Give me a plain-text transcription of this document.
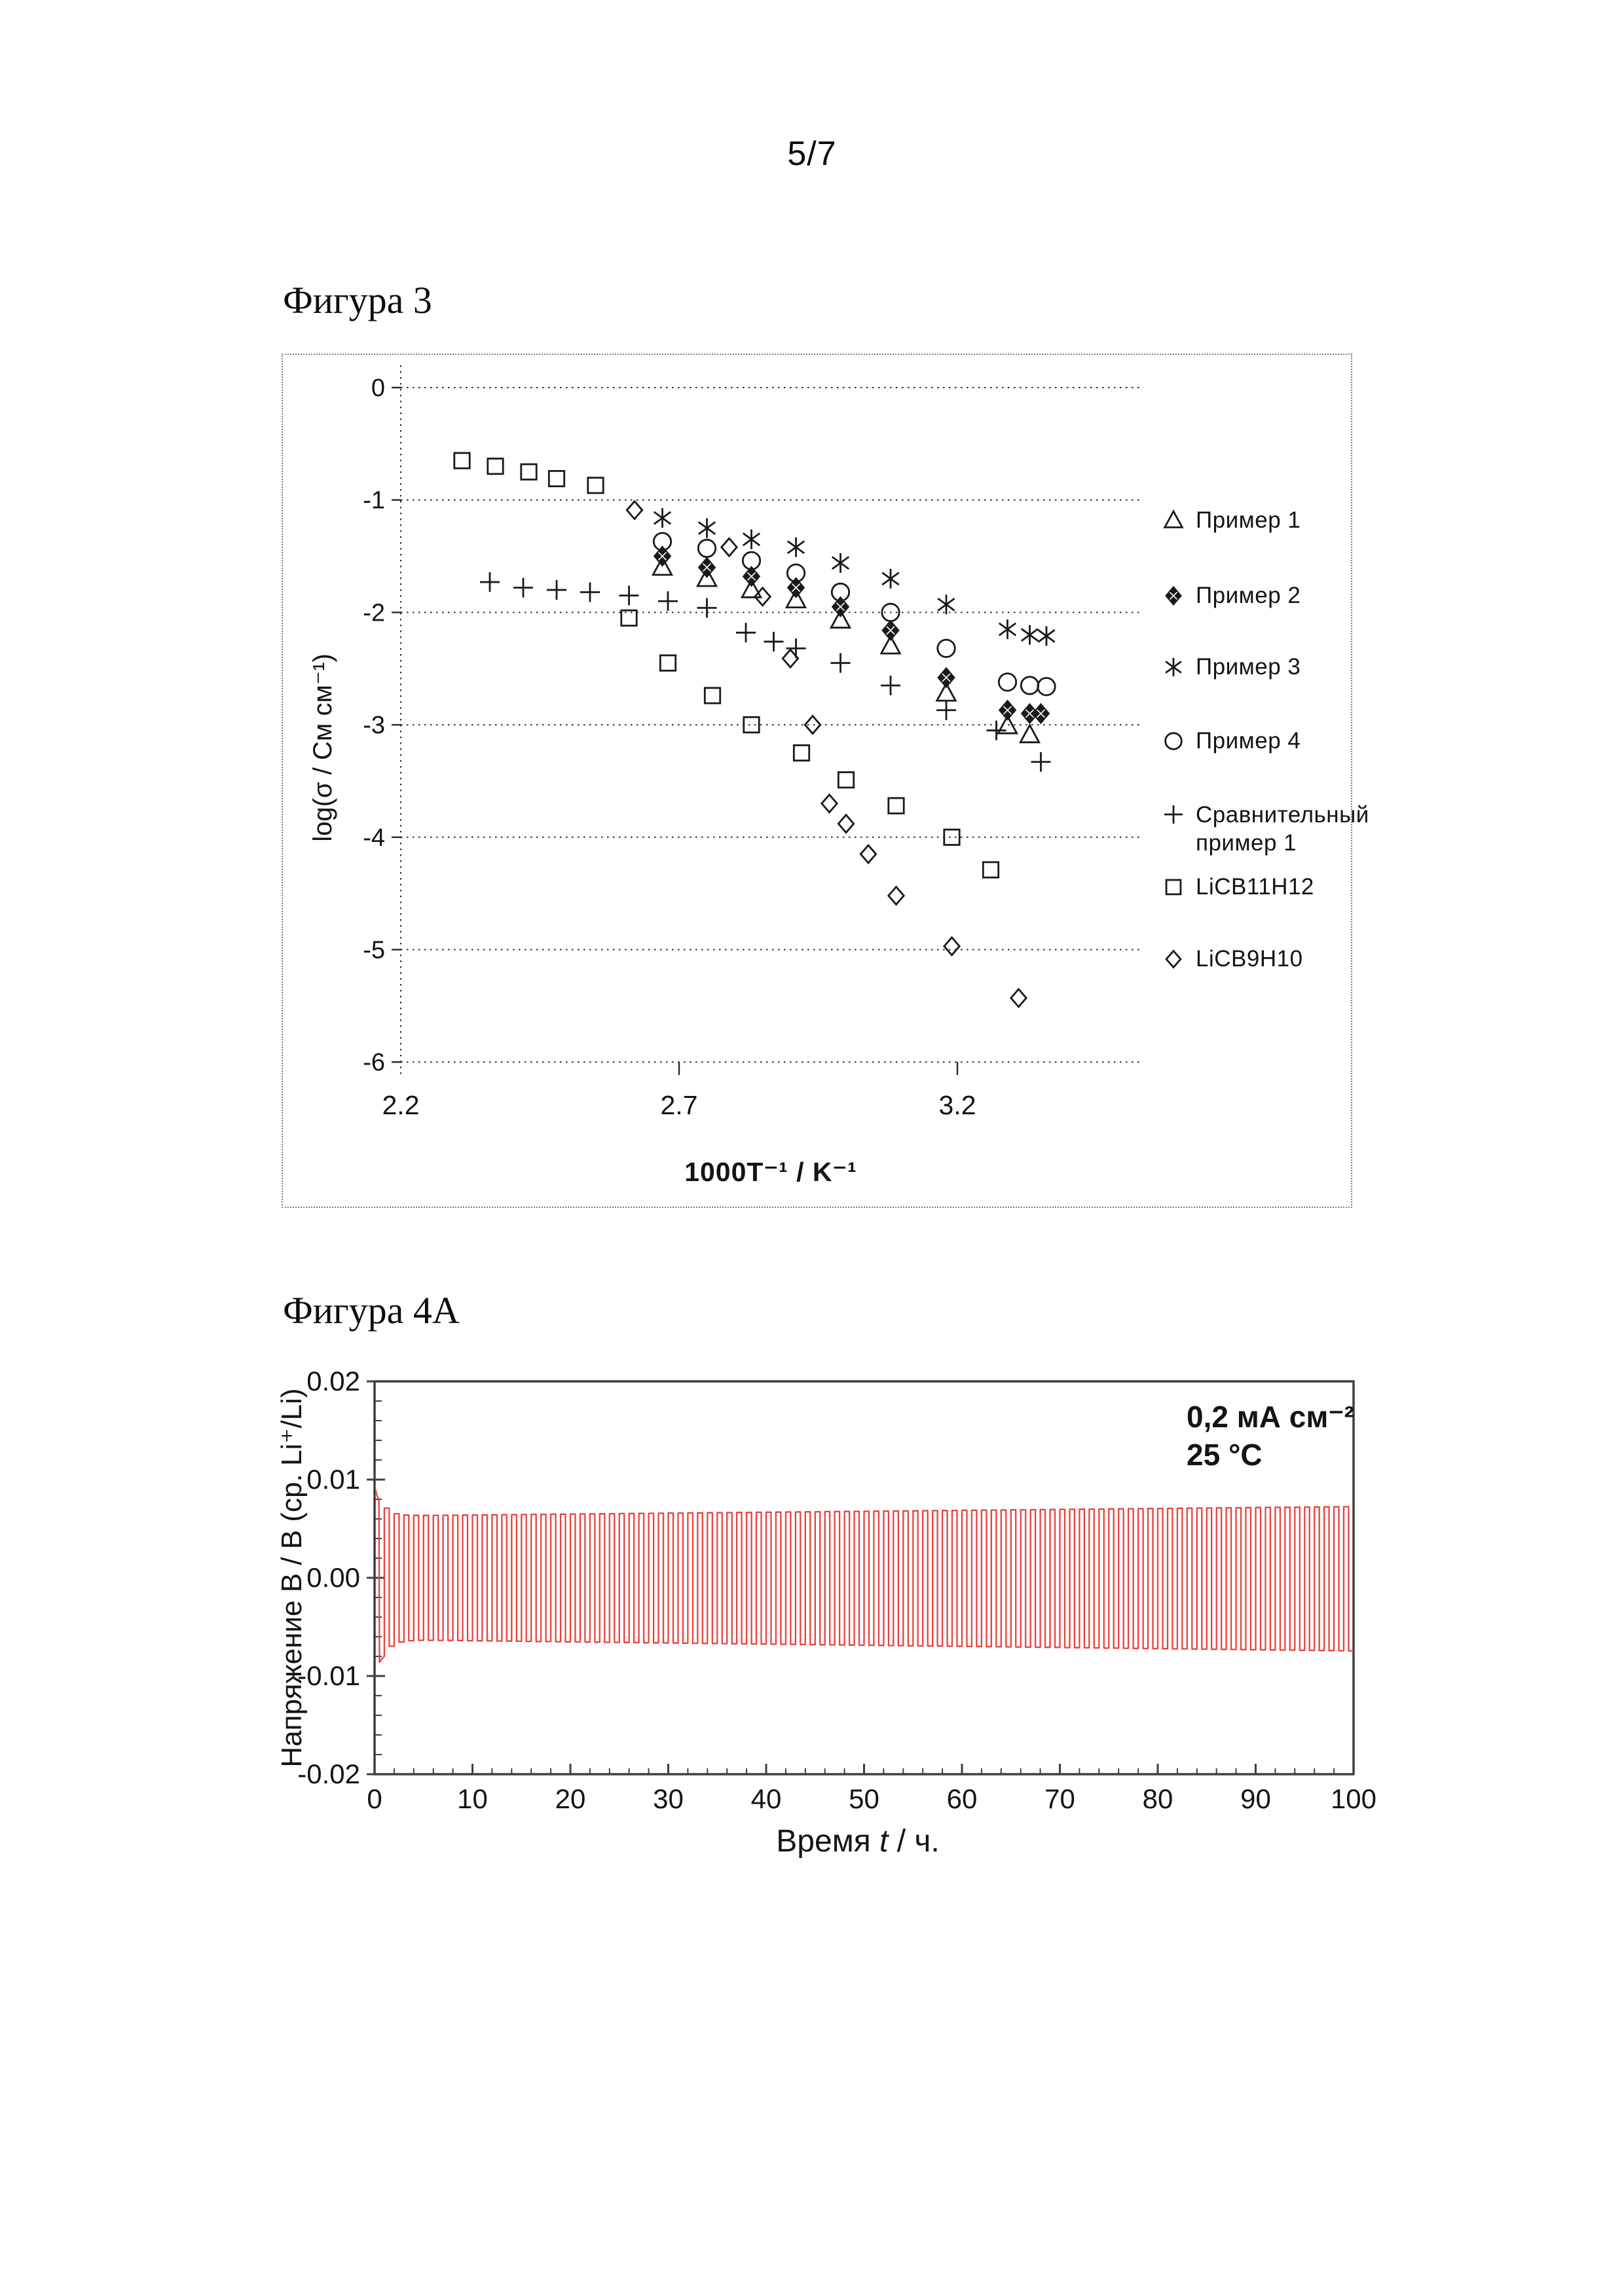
5/7
Фигура 3
0
-1
-2
-3
-4
-5
-6
2.2	2.7	3.2
1000T⁻¹ / K⁻¹
log(σ / См см⁻¹)
Пример 1
Пример 2
Пример 3
Пример 4
Сравнительный пример 1
LiCB11H12
LiCB9H10
Фигура 4А
0.02
0.01
0.00
-0.01
-0.02
0	10 20 30 40 50 60 70 80 90 100
0,2 мА см⁻²
25 °C
Напряжение В / В (ср. Li⁺/Li)
Время t / ч.
